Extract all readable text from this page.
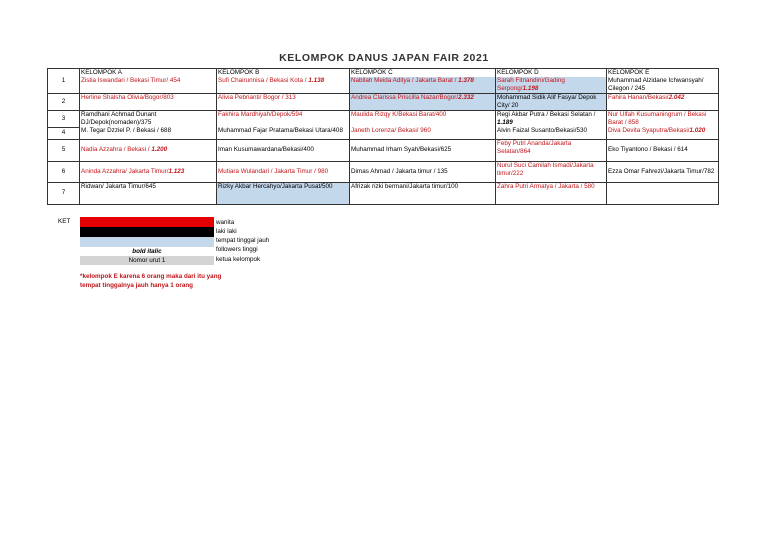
KELOMPOK DANUS JAPAN FAIR 2021
1	KELOMPOK A	KELOMPOK B	KELOMPOK C	KELOMPOK D	KELOMPOK E
	Zistia Iswandari / Bekasi Timur/ 454	Sufi Chairunnisa / Bekasi Kota / 1.138	Nabilah Meida Aditya / Jakarta Barat / 1.378	Sarah Fitriandini/Gading Serpong/1.198	Muhammad Alzidane Ichwansyah/ Cilegon / 245

2	Herline Shalsha Olivia/Bogor/803	Alivia Pebrianti/ Bogor / 313	Andrea Clarissa Priscilla Nazar/Bogor/2.332	Mohammad Sidik Alif Fasya/ Depok City/ 20	Fahira Hanan/Bekasi/2.042
3	Ramdhani Achmad Dunant DJ/Depok(nomaden)/375	Fakhira Mardhiyah/Depok/594	Maulida Rizqy K/Bekasi Barat/400	Regi Akbar Putra / Bekasi Selatan / 1.189	Nur Ulfah Kusumaningrum / Bekasi Barat / 858
4	M. Tegar Dzziel P. / Bekasi / 688	Muhammad Fajar Pratama/Bekasi Utara/408	Janeth Lorenza/ Bekasi/ 960	Alvin Faizal Susanto/Bekasi/530	Diva Devita Syaputra/Bekasi/1.020
5	Nadia Azzahra / Bekasi / 1.200	Iman Kusumawardana/Bekasi/400	Muhammad Irham Syah/Bekasi/625	Feby Putri Ananda/Jakarta Selatan/864	Eko Tiyantono / Bekasi / 614
6	Aninda Azzahra/ Jakarta Timur/1.123	Mutiara Wulandari / Jakarta Timur / 980	Dimas Ahmad / Jakarta timur / 135	Nurul Suci Camilah Ismadi/Jakarta timur/222	Ezza Omar Fahrezi/Jakarta Timur/782
7	Ridwan/ Jakarta Timur/645	Rizky Akbar Hercahyo/Jakarta Pusat/500	Afrizak rizki bermani/Jakarta timur/100	Zahra Putri Armatya / Jakarta / 580	
KET	wanita
laki laki
tempat tinggal jauh
bold italic	followers tinggi
Nomor urut 1	ketua kelompok
*kelompok E karena 6 orang maka dari itu yang tempat tinggalnya jauh hanya 1 orang
